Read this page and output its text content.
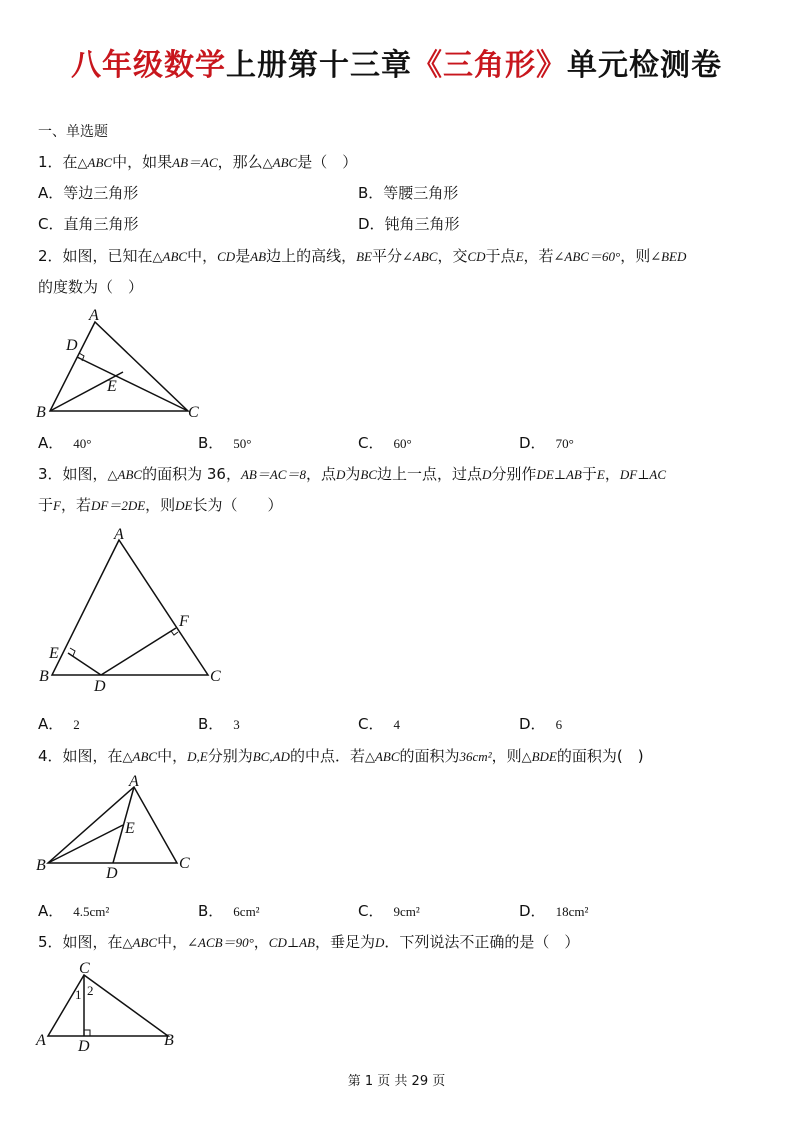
八年级数学上册第十三章《三角形》单元检测卷
一、单选题
1．在△ABC中，如果AB＝AC，那么△ABC是（　）
A．等边三角形	B．等腰三角形
C．直角三角形	D．钝角三角形
2．如图，已知在△ABC中，CD是AB边上的高线，BE平分∠ABC，交CD于点E，若∠ABC＝60°，则∠BED
的度数为（　）
A
D
E
B	C
A． 40°	B． 50°	C． 60°	D． 70°
3．如图，△ABC的面积为 36，AB＝AC＝8，点D为BC边上一点，过点D分别作DE⊥AB于E，DF⊥AC
于F，若DF＝2DE，则DE长为（　　）
A
F
E
B
D
C
A． 2	B． 3	C． 4	D． 6
4．如图，在△ABC中，D,E分别为BC,AD的中点．若△ABC的面积为36cm²，则△BDE的面积为(　)
A
E
B	D
C
A． 4.5cm²	B． 6cm²	C． 9cm²	D． 18cm²
5．如图，在△ABC中，∠ACB＝90°，CD⊥AB，垂足为D．下列说法不正确的是（　）
C
1 2
A D	B
第 1 页 共 29 页
